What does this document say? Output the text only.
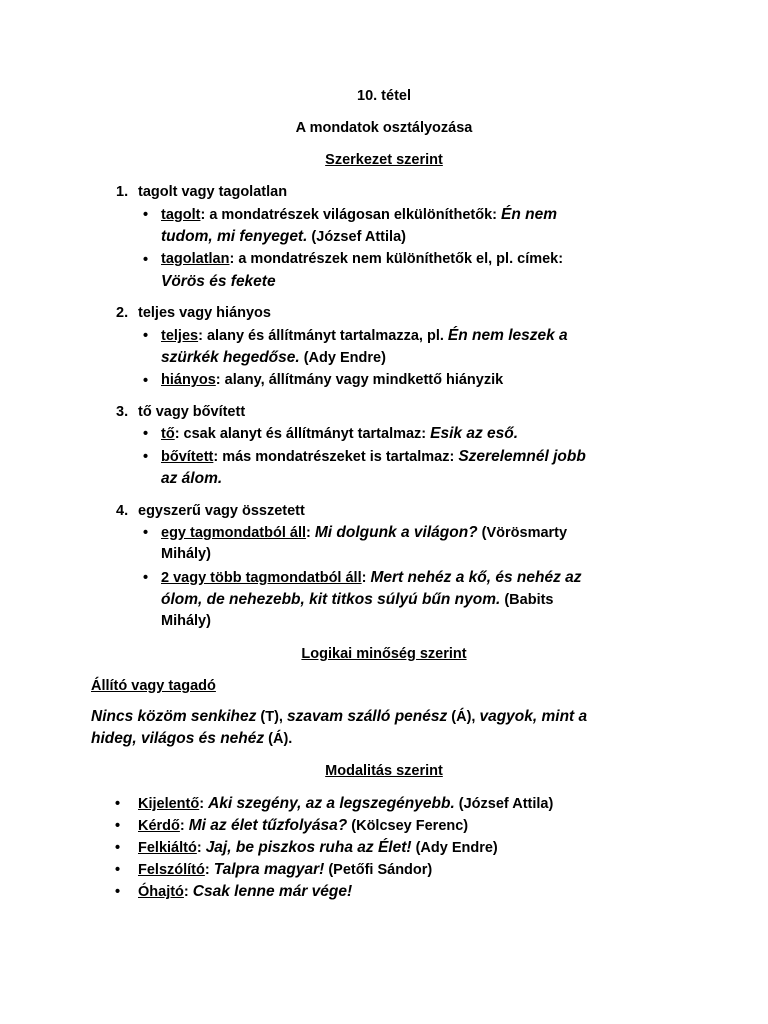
10. tétel
A mondatok osztályozása
Szerkezet szerint
1. tagolt vagy tagolatlan
• tagolt: a mondatrészek világosan elkülöníthetők: Én nem
tudom, mi fenyeget. (József Attila)
• tagolatlan: a mondatrészek nem különíthetők el, pl. címek:
Vörös és fekete
2. teljes vagy hiányos
• teljes: alany és állítmányt tartalmazza, pl. Én nem leszek a
szürkék hegedőse. (Ady Endre)
• hiányos: alany, állítmány vagy mindkettő hiányzik
3. tő vagy bővített
• tő: csak alanyt és állítmányt tartalmaz: Esik az eső.
• bővített: más mondatrészeket is tartalmaz: Szerelemnél jobb
az álom.
4. egyszerű vagy összetett
• egy tagmondatból áll: Mi dolgunk a világon? (Vörösmarty
Mihály)
• 2 vagy több tagmondatból áll: Mert nehéz a kő, és nehéz az
ólom, de nehezebb, kit titkos súlyú bűn nyom. (Babits
Mihály)
Logikai minőség szerint
Állító vagy tagadó
Nincs közöm senkihez (T), szavam szálló penész (Á), vagyok, mint a
hideg, világos és nehéz (Á).
Modalitás szerint
• Kijelentő: Aki szegény, az a legszegényebb. (József Attila)
• Kérdő: Mi az élet tűzfolyása? (Kölcsey Ferenc)
• Felkiáltó: Jaj, be piszkos ruha az Élet! (Ady Endre)
• Felszólító: Talpra magyar! (Petőfi Sándor)
• Óhajtó: Csak lenne már vége!
